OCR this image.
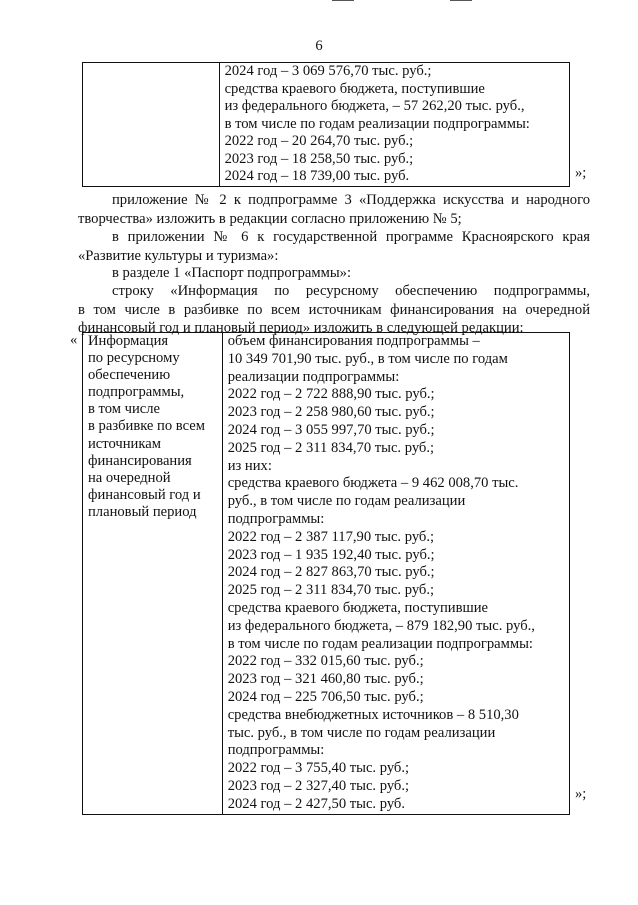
6

2024 год – 3 069 576,70 тыс. руб.;
средства краевого бюджета, поступившие
из федерального бюджета, – 57 262,20 тыс. руб.,
в том числе по годам реализации подпрограммы:
2022 год – 20 264,70 тыс. руб.;
2023 год – 18 258,50 тыс. руб.;
2024 год – 18 739,00 тыс. руб.	»;
приложение № 2 к подпрограмме 3 «Поддержка искусства и народного
творчества» изложить в редакции согласно приложению № 5;
в приложении № 6 к государственной программе Красноярского края
«Развитие культуры и туризма»:
в разделе 1 «Паспорт подпрограммы»:
строку «Информация по ресурсному обеспечению подпрограммы,
в том числе в разбивке по всем источникам финансирования на очередной
финансовый год и плановый период» изложить в следующей редакции:
« Информация
по ресурсному
обеспечению
подпрограммы,
в том числе
в разбивке по всем
источникам
финансирования
на очередной
финансовый год и
плановый период

объем финансирования подпрограммы –
10 349 701,90 тыс. руб., в том числе по годам
реализации подпрограммы:
2022 год – 2 722 888,90 тыс. руб.;
2023 год – 2 258 980,60 тыс. руб.;
2024 год – 3 055 997,70 тыс. руб.;
2025 год – 2 311 834,70 тыс. руб.;
из них:
средства краевого бюджета – 9 462 008,70 тыс.
руб., в том числе по годам реализации
подпрограммы:
2022 год – 2 387 117,90 тыс. руб.;
2023 год – 1 935 192,40 тыс. руб.;
2024 год – 2 827 863,70 тыс. руб.;
2025 год – 2 311 834,70 тыс. руб.;
средства краевого бюджета, поступившие
из федерального бюджета, – 879 182,90 тыс. руб.,
в том числе по годам реализации подпрограммы:
2022 год – 332 015,60 тыс. руб.;
2023 год – 321 460,80 тыс. руб.;
2024 год – 225 706,50 тыс. руб.;
средства внебюджетных источников – 8 510,30
тыс. руб., в том числе по годам реализации
подпрограммы:
2022 год – 3 755,40 тыс. руб.;
2023 год – 2 327,40 тыс. руб.;
2024 год – 2 427,50 тыс. руб.
»;
